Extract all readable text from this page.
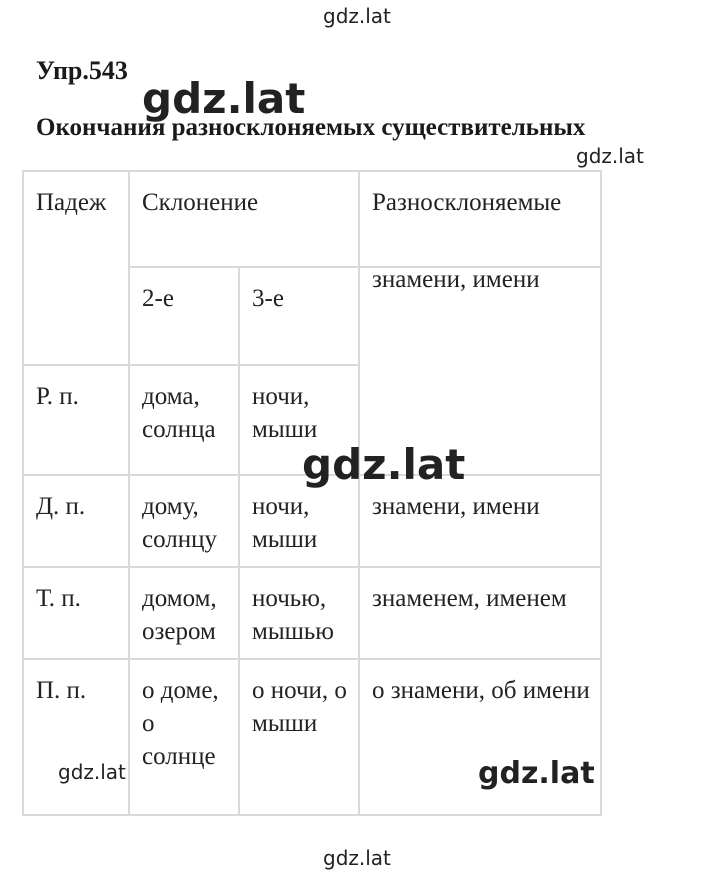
gdz.lat
Упр.543
Окончания разносклоняемых существительных
Падеж	Склонение		Разносклоняемые
	2-е	3-е	знамени, имени

Р. п.	дома, солнца	ночи, мыши	
Д. п.	дому, солнцу	ночи, мыши	знамени, имени
Т. п.	домом, озером	ночью, мышью	знаменем, именем
П. п.	о доме, о солнце	о ночи, о мыши	о знамени, об имени
gdz.lat
gdz.lat
gdz.lat
gdz.lat	gdz.lat
gdz.lat
